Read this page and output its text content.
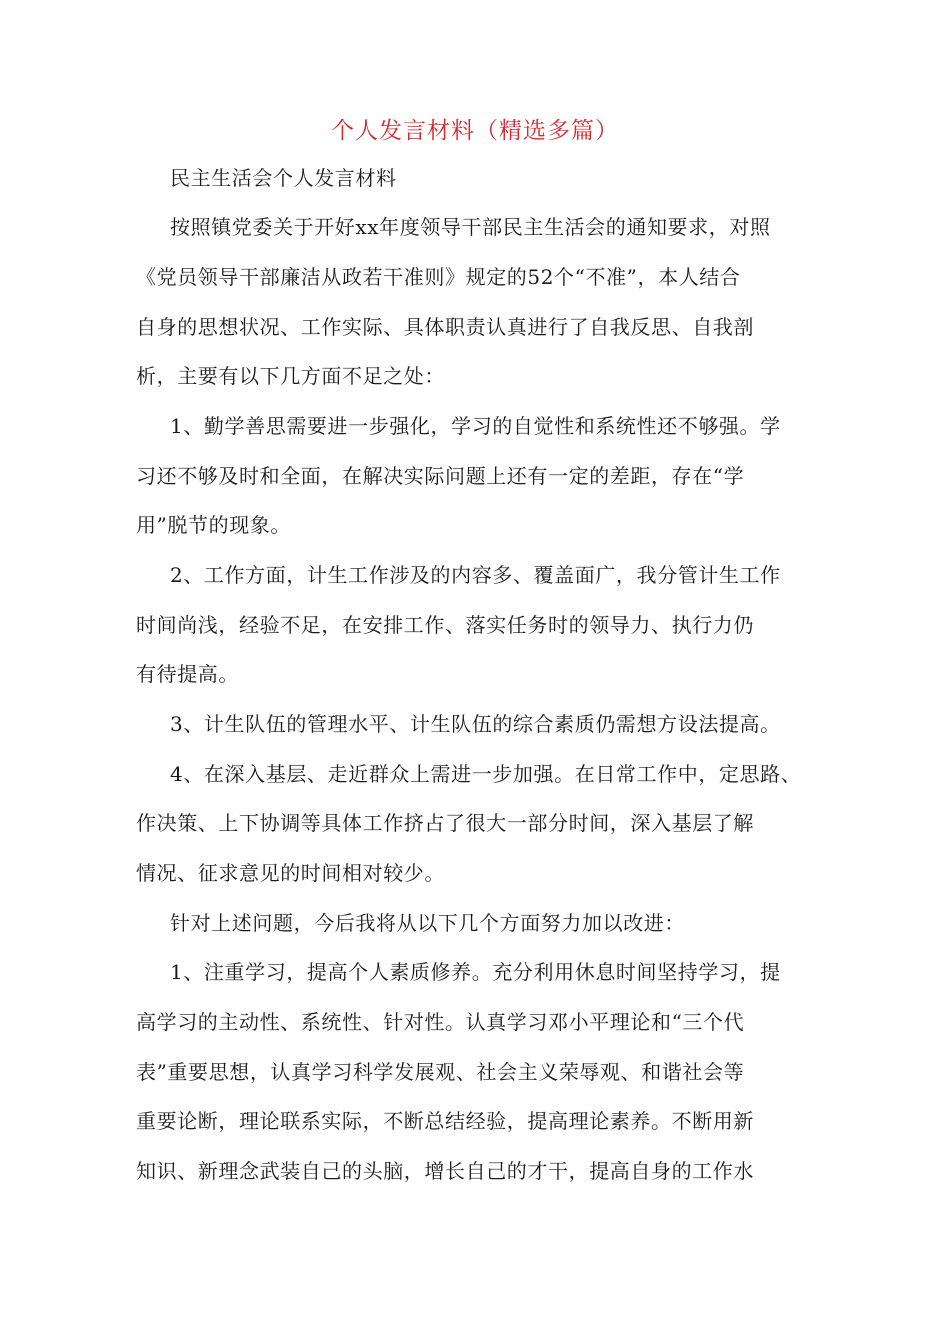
个人发言材料（精选多篇）
民主生活会个人发言材料
按照镇党委关于开好xx年度领导干部民主生活会的通知要求，对照
《党员领导干部廉洁从政若干准则》规定的52个“不准”，本人结合
自身的思想状况、工作实际、具体职责认真进行了自我反思、自我剖
析，主要有以下几方面不足之处：
1、勤学善思需要进一步强化，学习的自觉性和系统性还不够强。学
习还不够及时和全面，在解决实际问题上还有一定的差距，存在“学
用”脱节的现象。
2、工作方面，计生工作涉及的内容多、覆盖面广，我分管计生工作
时间尚浅，经验不足，在安排工作、落实任务时的领导力、执行力仍
有待提高。
3、计生队伍的管理水平、计生队伍的综合素质仍需想方设法提高。
4、在深入基层、走近群众上需进一步加强。在日常工作中，定思路、
作决策、上下协调等具体工作挤占了很大一部分时间，深入基层了解
情况、征求意见的时间相对较少。
针对上述问题，今后我将从以下几个方面努力加以改进：
1、注重学习，提高个人素质修养。充分利用休息时间坚持学习，提
高学习的主动性、系统性、针对性。认真学习邓小平理论和“三个代
表”重要思想，认真学习科学发展观、社会主义荣辱观、和谐社会等
重要论断，理论联系实际，不断总结经验，提高理论素养。不断用新
知识、新理念武装自己的头脑，增长自己的才干，提高自身的工作水
